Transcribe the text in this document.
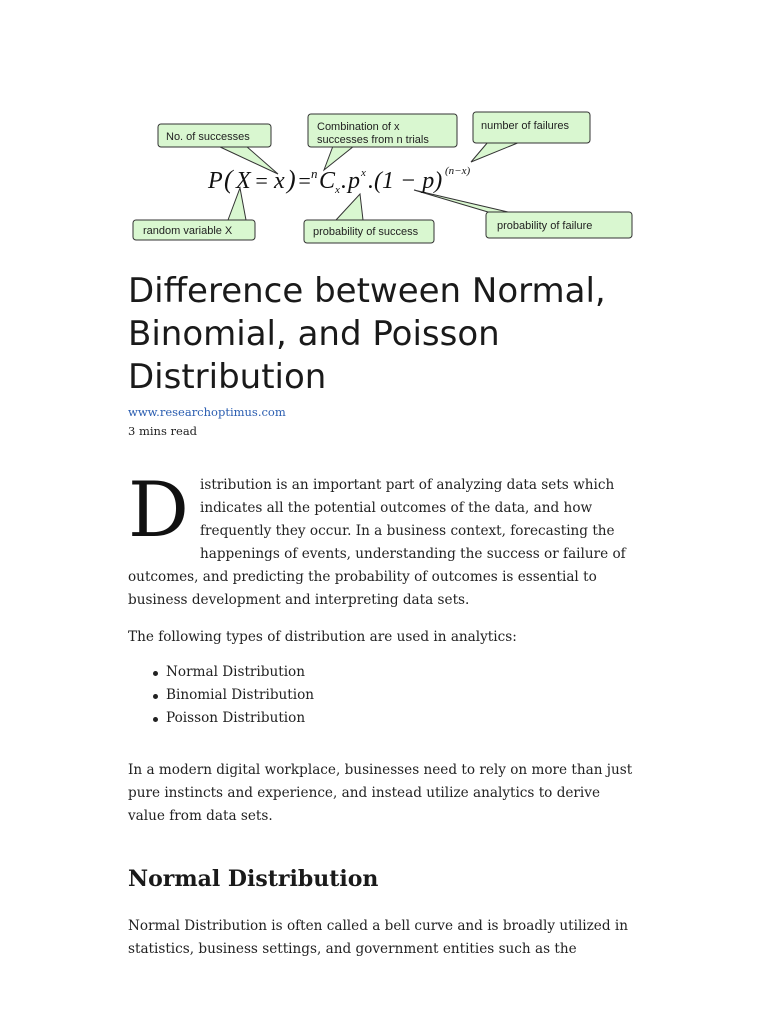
No. of successes
Combination of x
successes from n trials
number of failures
random variable X	probability of success	probability of failure
P ( X = x ) = n C x . p x .(1 − p) (n−x)
Difference between Normal,
Binomial, and Poisson
Distribution
www.researchoptimus.com
3 mins read

Distribution is an important part of analyzing data sets which indicates all the potential outcomes of the data, and how frequently they occur. In a business context, forecasting the happenings of events, understanding the success or failure of outcomes, and predicting the probability of outcomes is essential to business development and interpreting data sets.

The following types of distribution are used in analytics:

Normal Distribution
Binomial Distribution
Poisson Distribution

In a modern digital workplace, businesses need to rely on more than just pure instincts and experience, and instead utilize analytics to derive value from data sets.

Normal Distribution

Normal Distribution is often called a bell curve and is broadly utilized in statistics, business settings, and government entities such as the
